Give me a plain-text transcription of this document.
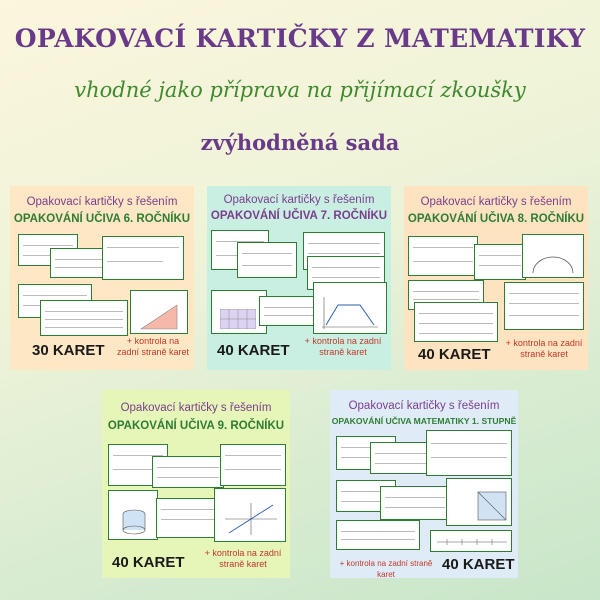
OPAKOVACÍ KARTIČKY Z MATEMATIKY
vhodné jako příprava na přijímací zkoušky
zvýhodněná sada
Opakovací kartičky s řešením
OPAKOVÁNÍ UČIVA 6. ROČNÍKU
30 KARET
+ kontrola na zadní straně karet
Opakovací kartičky s řešením
OPAKOVÁNÍ UČIVA 7. ROČNÍKU
40 KARET
+ kontrola na zadní straně karet
Opakovací kartičky s řešením
OPAKOVÁNÍ UČIVA 8. ROČNÍKU
40 KARET
+ kontrola na zadní straně karet
Opakovací kartičky s řešením
OPAKOVÁNÍ UČIVA 9. ROČNÍKU
40 KARET
+ kontrola na zadní straně karet
Opakovací kartičky s řešením
OPAKOVÁNÍ UČIVA MATEMATIKY 1. STUPNĚ
+ kontrola na zadní straně karet
40 KARET
